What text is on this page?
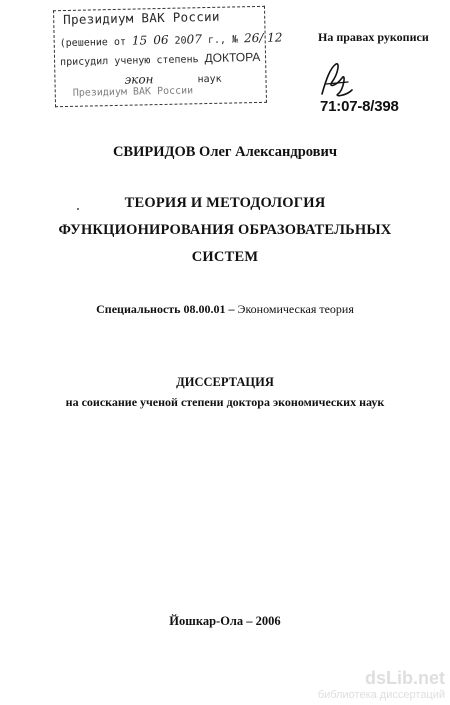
Президиум ВАК России
(решение от 15 06 2007 г., № 26/ 12
присудил ученую степень ДОКТОРА
экон	наук
Президиум ВАК России
На правах рукописи
71:07-8/398
СВИРИДОВ Олег Александрович
ТЕОРИЯ И МЕТОДОЛОГИЯ
ФУНКЦИОНИРОВАНИЯ ОБРАЗОВАТЕЛЬНЫХ
СИСТЕМ
Специальность 08.00.01 – Экономическая теория
ДИССЕРТАЦИЯ
на соискание ученой степени доктора экономических наук
Йошкар-Ола – 2006
dsLib.net
библиотека диссертаций
